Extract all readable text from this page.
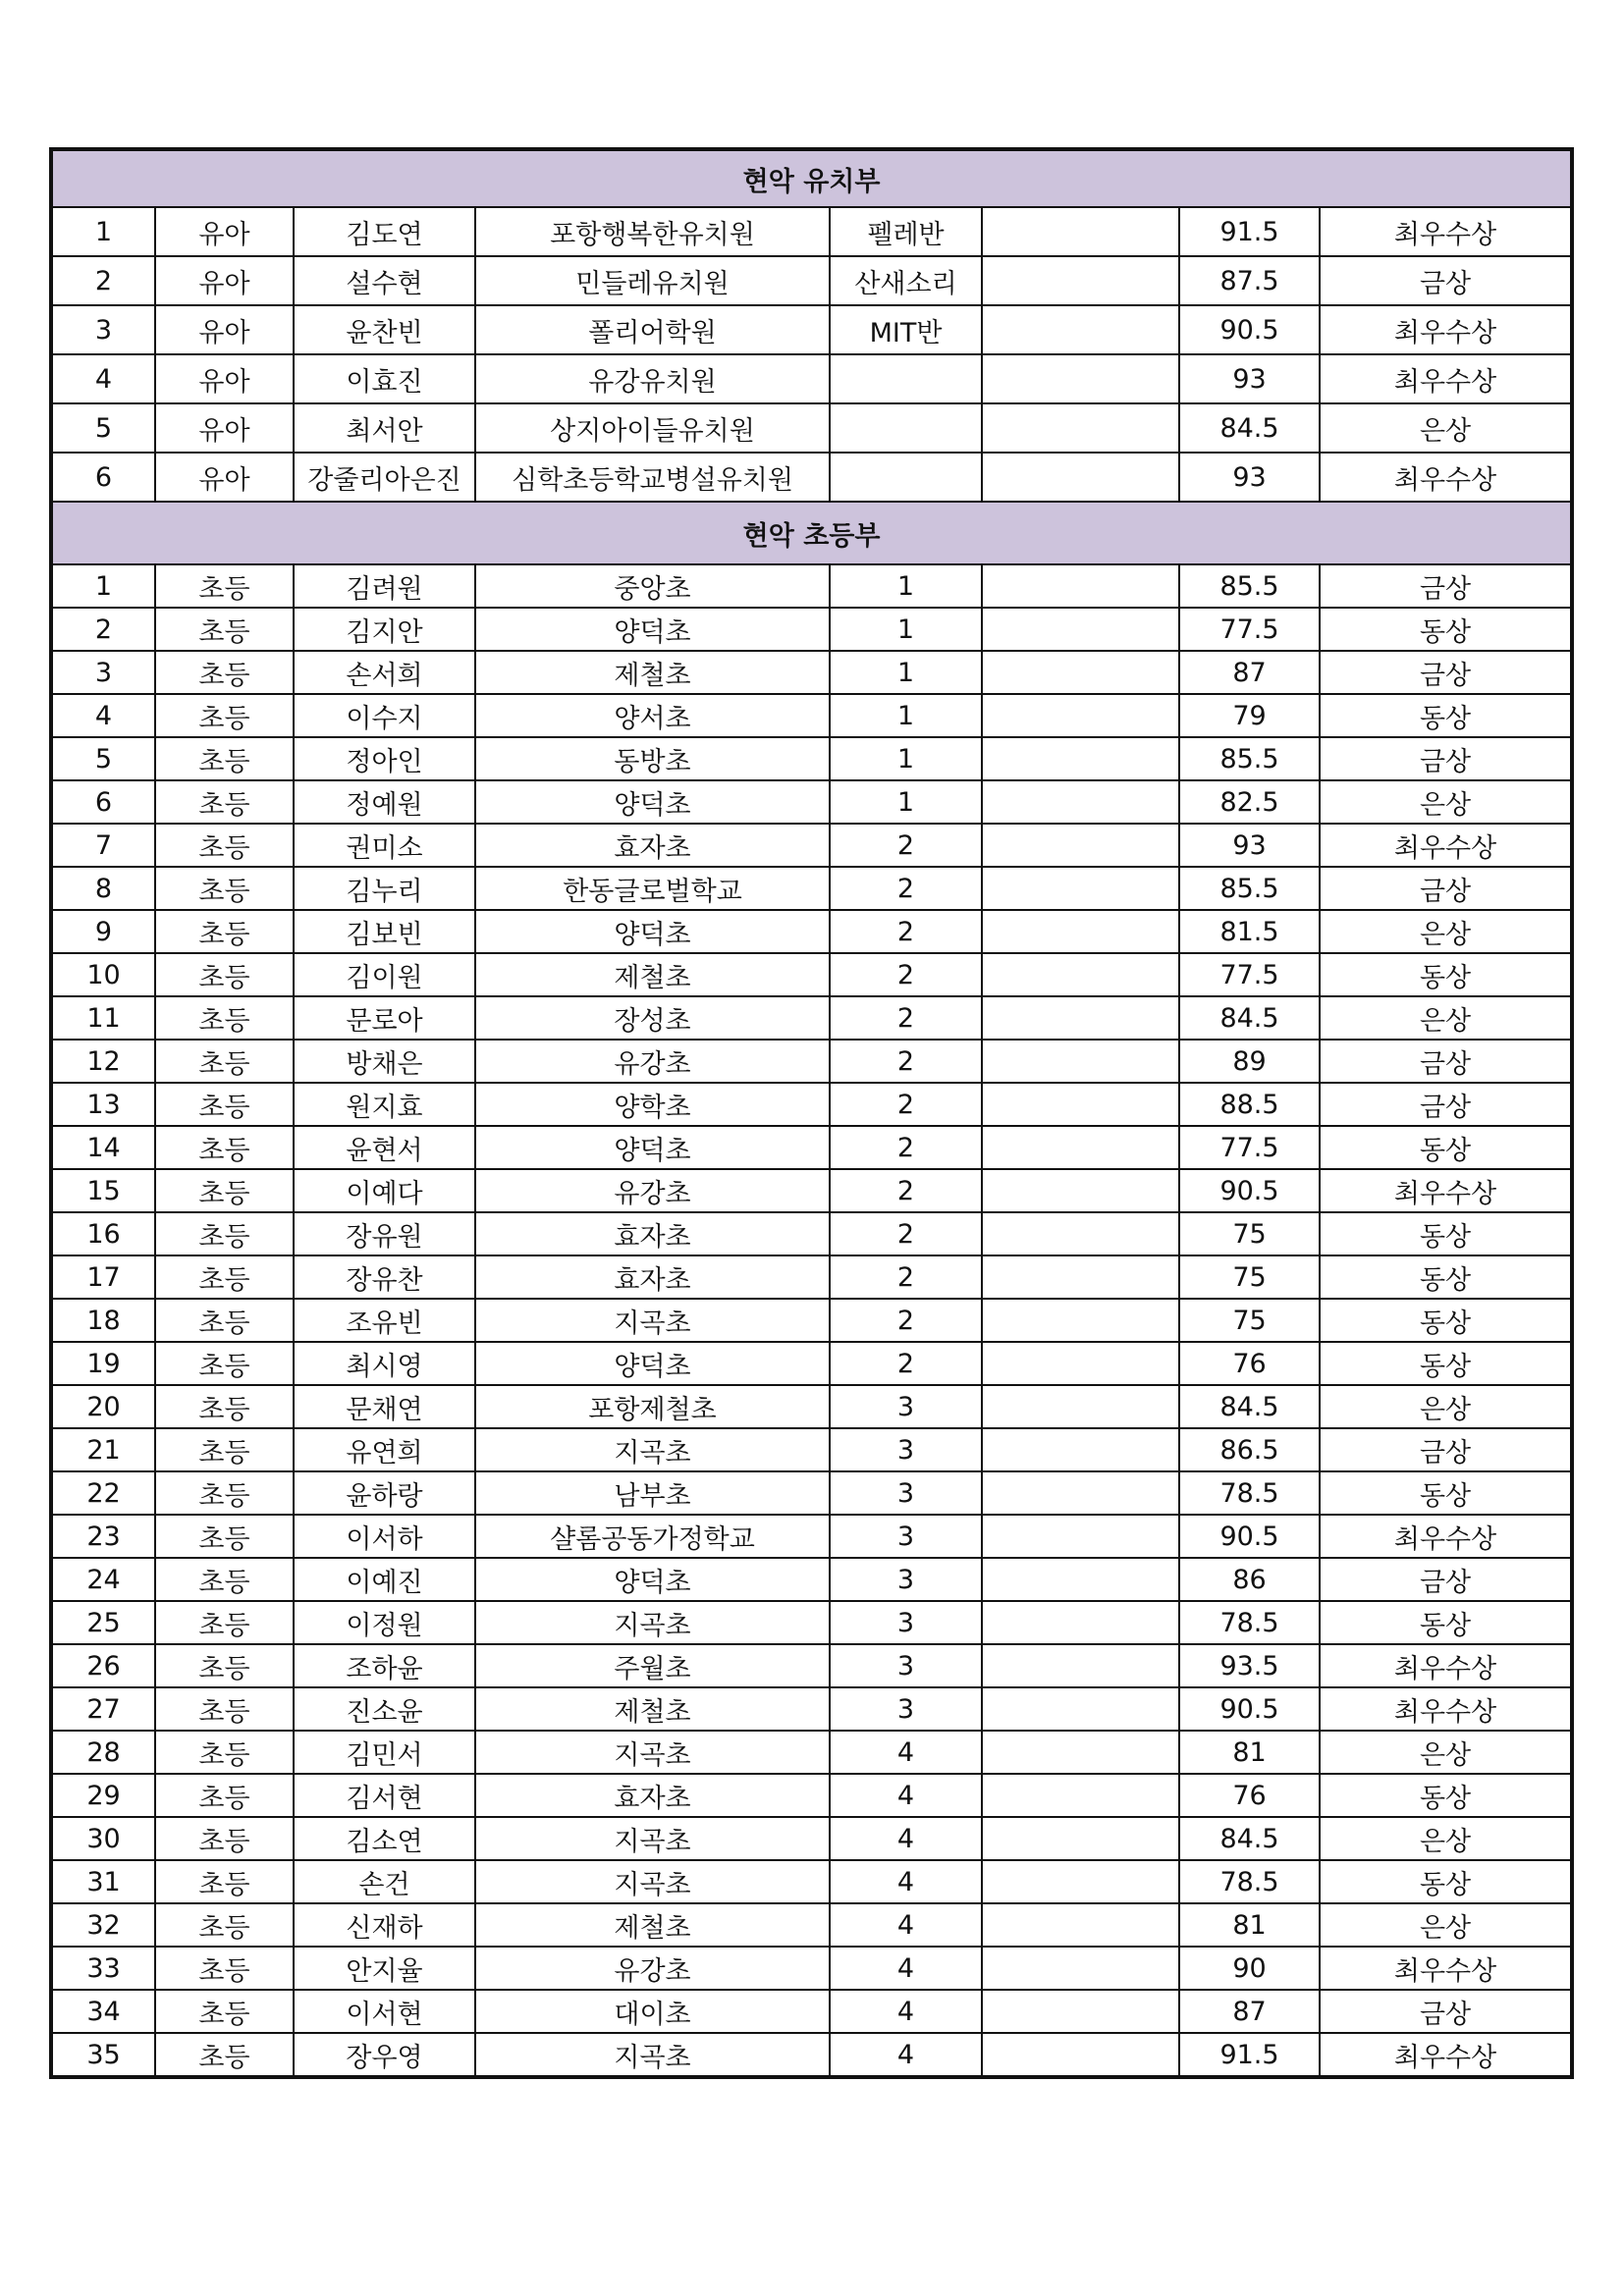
현악 유치부							
1	유아	김도연	포항행복한유치원	펠레반		91.5	최우수상
2	유아	설수현	민들레유치원	산새소리		87.5	금상
3	유아	윤찬빈	폴리어학원	MIT반		90.5	최우수상
4	유아	이효진	유강유치원			93	최우수상
5	유아	최서안	상지아이들유치원			84.5	은상
6	유아	강줄리아은진	심학초등학교병설유치원			93	최우수상
현악 초등부							
1	초등	김려원	중앙초	1		85.5	금상
2	초등	김지안	양덕초	1		77.5	동상
3	초등	손서희	제철초	1		87	금상
4	초등	이수지	양서초	1		79	동상
5	초등	정아인	동방초	1		85.5	금상
6	초등	정예원	양덕초	1		82.5	은상
7	초등	권미소	효자초	2		93	최우수상
8	초등	김누리	한동글로벌학교	2		85.5	금상
9	초등	김보빈	양덕초	2		81.5	은상
10	초등	김이원	제철초	2		77.5	동상
11	초등	문로아	장성초	2		84.5	은상
12	초등	방채은	유강초	2		89	금상
13	초등	원지효	양학초	2		88.5	금상
14	초등	윤현서	양덕초	2		77.5	동상
15	초등	이예다	유강초	2		90.5	최우수상
16	초등	장유원	효자초	2		75	동상
17	초등	장유찬	효자초	2		75	동상
18	초등	조유빈	지곡초	2		75	동상
19	초등	최시영	양덕초	2		76	동상
20	초등	문채연	포항제철초	3		84.5	은상
21	초등	유연희	지곡초	3		86.5	금상
22	초등	윤하랑	남부초	3		78.5	동상
23	초등	이서하	샬롬공동가정학교	3		90.5	최우수상
24	초등	이예진	양덕초	3		86	금상
25	초등	이정원	지곡초	3		78.5	동상
26	초등	조하윤	주월초	3		93.5	최우수상
27	초등	진소윤	제철초	3		90.5	최우수상
28	초등	김민서	지곡초	4		81	은상
29	초등	김서현	효자초	4		76	동상
30	초등	김소연	지곡초	4		84.5	은상
31	초등	손건	지곡초	4		78.5	동상
32	초등	신재하	제철초	4		81	은상
33	초등	안지율	유강초	4		90	최우수상
34	초등	이서현	대이초	4		87	금상
35	초등	장우영	지곡초	4		91.5	최우수상
